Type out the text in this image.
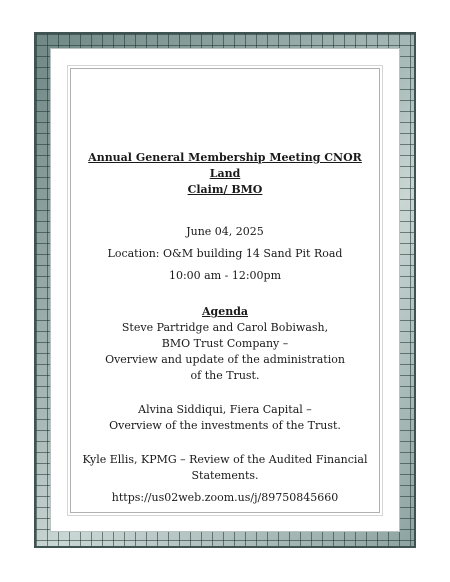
Annual General Membership Meeting CNOR Land
Claim/ BMO

June 04, 2025

Location: O&M building 14 Sand Pit Road

10:00 am - 12:00pm

Agenda

Steve Partridge and Carol Bobiwash,

BMO Trust Company –

Overview and update of the administration

of the Trust.

Alvina Siddiqui, Fiera Capital –

Overview of the investments of the Trust.

Kyle Ellis, KPMG – Review of the Audited Financial

Statements.

https://us02web.zoom.us/j/89750845660
